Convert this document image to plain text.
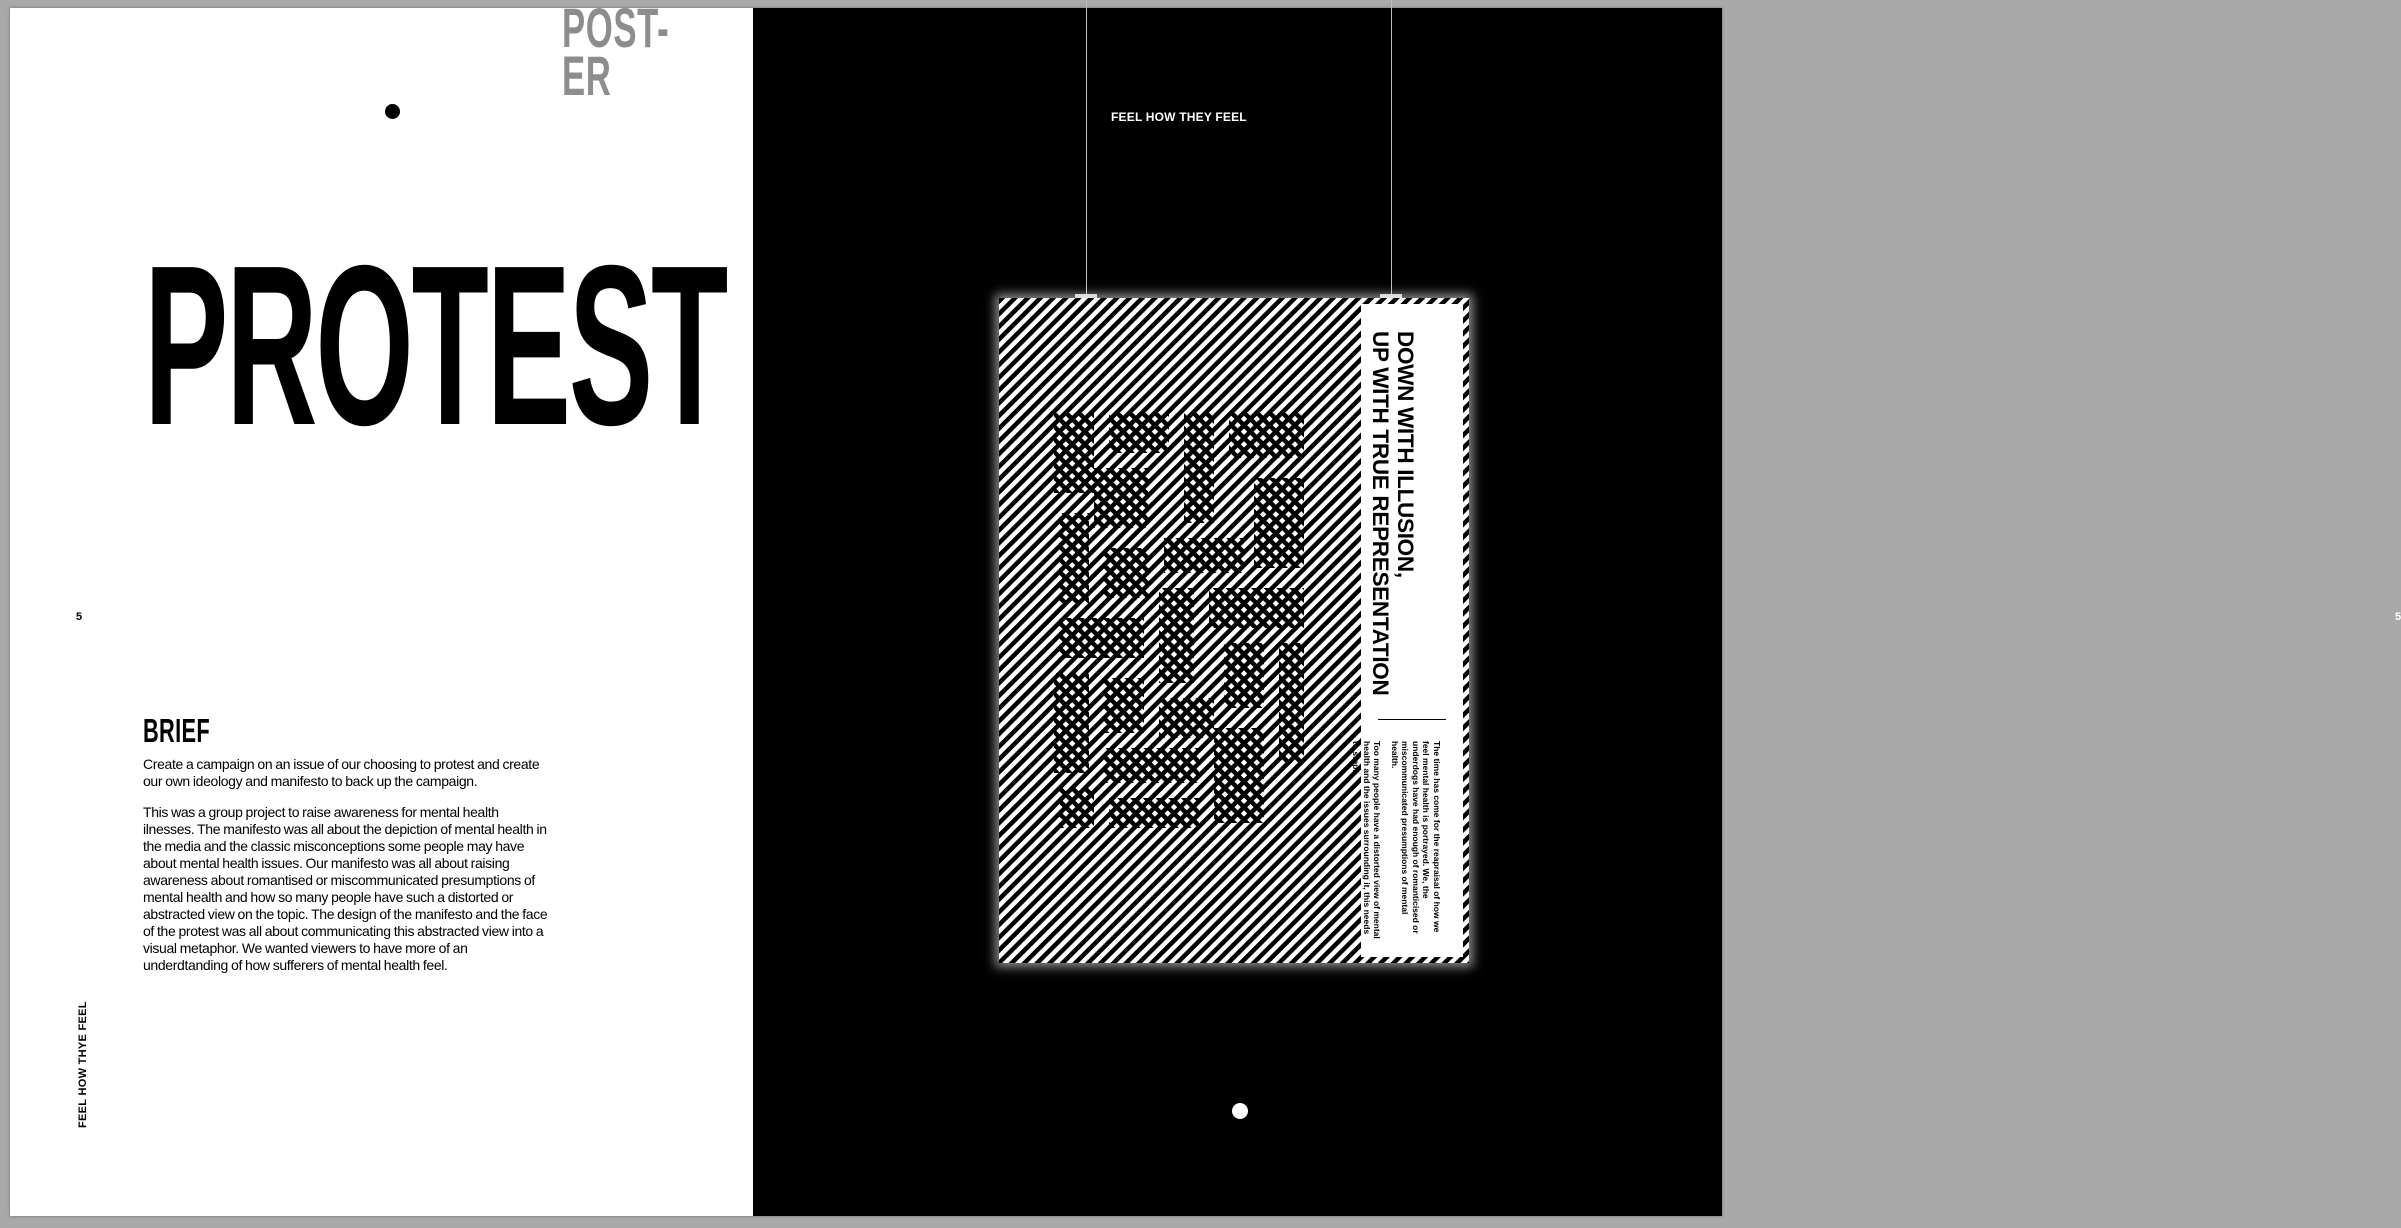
POST-
ER
PROTEST
5
BRIEF

Create a campaign on an issue of our choosing to protest and create our own ideology and manifesto to back up the campaign.

This was a group project to raise awareness for mental health ilnesses. The manifesto was all about the depiction of mental health in the media and the classic misconceptions some people may have about mental health issues. Our manifesto was all about raising awareness about romantised or miscommunicated presumptions of mental health and how so many people have such a distorted or abstracted view on the topic. The design of the manifesto and the face of the protest was all about communicating this abstracted view into a visual metaphor. We wanted viewers to have more of an underdtanding of how sufferers of mental health feel.

FEEL HOW THYE FEEL
FEEL HOW THEY FEEL
5
DOWN WITH ILLUSION,
UP WITH TRUE REPRESENTATION

The time has come for the reapraisal of how we feel mental health is portrayed. We, the underdogs have had enough of romanticised or miscommunicated presumptions of mental health.

Too many people have a distorted view of mental health and the issues surrounding it, this needs to stop.
